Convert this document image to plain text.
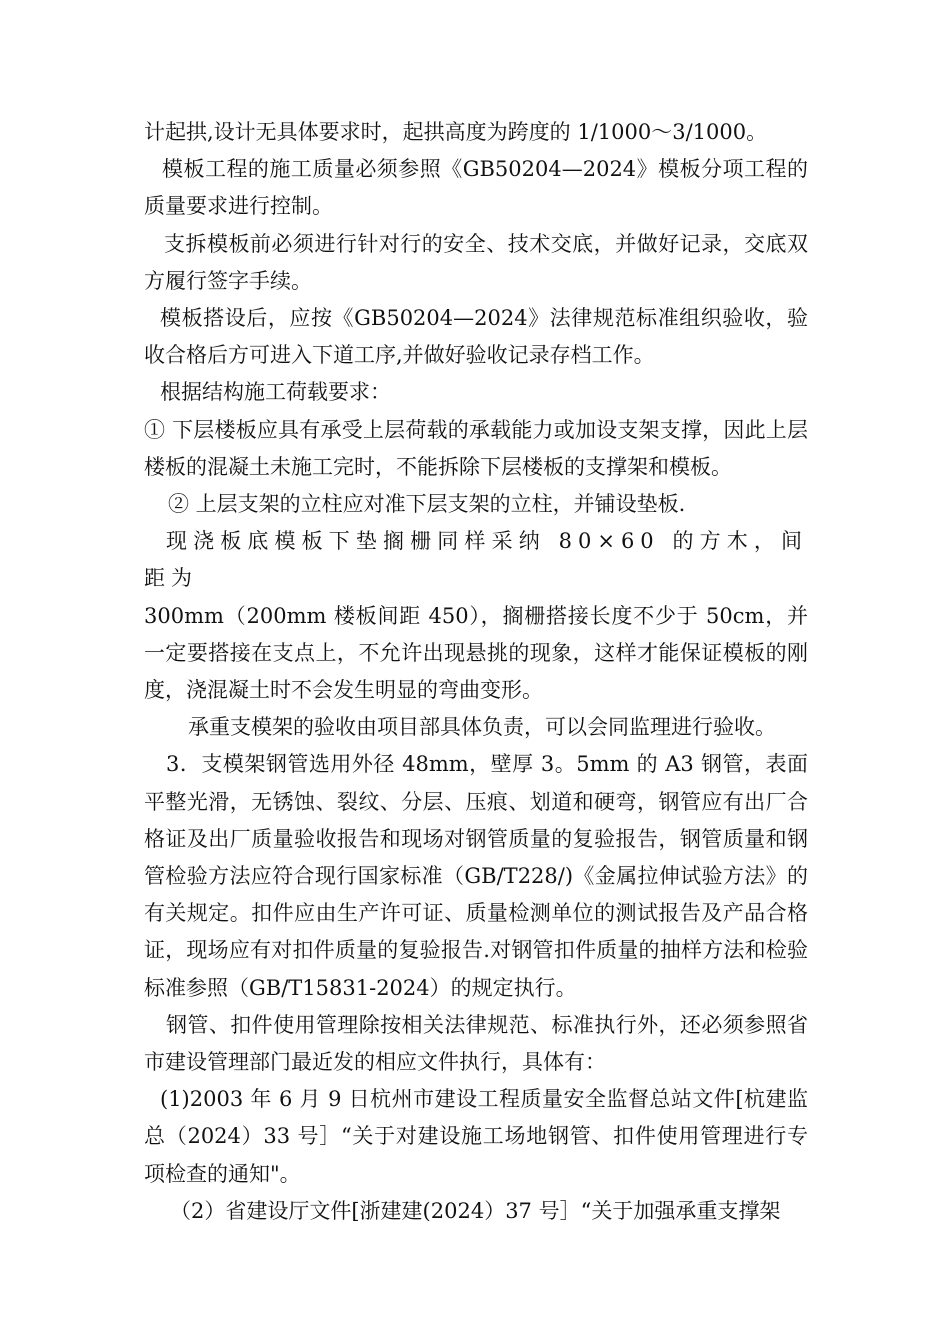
计起拱,设计无具体要求时，起拱高度为跨度的 1/1000～3/1000。

模板工程的施工质量必须参照《GB50204—2024》模板分项工程的质量要求进行控制。

支拆模板前必须进行针对行的安全、技术交底，并做好记录，交底双方履行签字手续。

模板搭设后，应按《GB50204—2024》法律规范标准组织验收，验收合格后方可进入下道工序,并做好验收记录存档工作。

根据结构施工荷载要求：

① 下层楼板应具有承受上层荷载的承载能力或加设支架支撑，因此上层楼板的混凝土未施工完时，不能拆除下层楼板的支撑架和模板。

② 上层支架的立柱应对准下层支架的立柱，并铺设垫板.

现浇板底模板下垫搁栅同样采纳 80×60 的方木，间距为

300mm（200mm 楼板间距 450），搁栅搭接长度不少于 50cm，并一定要搭接在支点上，不允许出现悬挑的现象，这样才能保证模板的刚度，浇混凝土时不会发生明显的弯曲变形。

承重支模架的验收由项目部具体负责，可以会同监理进行验收。

3．支模架钢管选用外径 48mm，壁厚 3。5mm 的 A3 钢管，表面平整光滑，无锈蚀、裂纹、分层、压痕、划道和硬弯，钢管应有出厂合格证及出厂质量验收报告和现场对钢管质量的复验报告，钢管质量和钢管检验方法应符合现行国家标准（GB/T228/)《金属拉伸试验方法》的有关规定。扣件应由生产许可证、质量检测单位的测试报告及产品合格证，现场应有对扣件质量的复验报告.对钢管扣件质量的抽样方法和检验标准参照（GB/T15831-2024）的规定执行。

钢管、扣件使用管理除按相关法律规范、标准执行外，还必须参照省市建设管理部门最近发的相应文件执行，具体有：

(1)2003 年 6 月 9 日杭州市建设工程质量安全监督总站文件[杭建监总（2024）33 号］“关于对建设施工场地钢管、扣件使用管理进行专项检查的通知"。

（2）省建设厅文件[浙建建(2024）37 号］“关于加强承重支撑架
